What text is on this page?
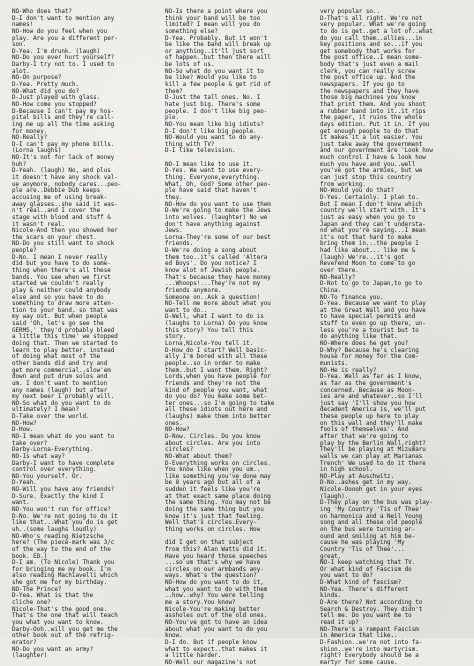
NO-Who does that?
D-I don't want to mention any
names!
NO-How do you feel when you
play. Are you a different per-
son.
D-Yea. I'm drunk. (laugh)
NO-Do you ever hurt yourself?
Darby-I try not to. I used to
alot.
NO-On purpose?
D-Yea. Pretty much.
NO-What did you do?
D-Just played with glass.
NO-How come you stopped?
D-Because I can't pay my hos-
pital bills and they're call-
ing me up all the time asking
for money.
NO-Really?
D-I can't pay my phone bills.
(Lorna laughs)
NO-It's not for lack of money
huh?
D-Yeah. (laugh) No, and plus
it doesn't have any shock val-
ue anymore, nobody cares...peo-
ple are..Debbie Dub keeps
accusing me of using break-
away glasses..she said it was-
n't real..and I cover the
stage with blood and stuff &
it wasn't real.
Nicole-And then you showed her
the scars on your chest.
NO-Do you still want to shock
people?
D-No. I mean I never really
did but you have to do some-
thing when there's all these
bands. You see when we first
started we couldn't really
play & neither could anybody
else and so you have to do
something to draw more atten-
tion to your band. so that was
my way out. But when people
said 'Oh, let's go see the
GERMS,' they'd probably bleed
a little this time' we stopped
doing that. Then we started to
learn to play better. instead
of doing what most of the
other bands did and try and
get more commercial..slow'em
down and put drum solos and
um. I don't want to mention
any names (laugh) but after
my next beer I probably will.
NO-So what do you want to do
ultimately? I mean?
D-Take over the world.
NO-How?
D-How.
NO-I mean what do you want to
take over?
Darby-Lorna-Everything.
NO-Is what way?
Darby-I want to have complete
control over everything.
NO-You yourself. Or.
D-Yeah.
NO-Will you have any friends?
D-Sure. Exactly the kind I
want.
NO-You won't run for office?
D-No. We're not going to do it
like that...What you do is get
uh..(some laughs loudly)
NO-Who's reading Nietzsche
here? (The piece-mark was 3/c
of the way to the end of the
book. ED.)
D-I am. (To Nicole) Thank you
for bringing me my book. I'm
also reading Machiavelli which
she got me for my birthday.
NO-The Prince?
D-Yea. What is that the
cliche one?
Nicole-That's the good one.
That's the one that will teach
you what you want to know.
Darby-Ooh..will you get me the
other book out of the refrig-
erator?
NO-Do you want an army?
(laughter)
NO-Is there a point where you
think your band will be too
limited? I mean will you do
something else?
D-Yea. Probably. But it won't
be like the band will break up
or anything..it'll just sort
of happen..but then there will
be lots of us.
NO-So what do you want it to
be like? Would you like to
kill a few people & get rid of
them?
D-Just the tall ones. No. I
hate just big. There's some
people. I don't like big peo-
ple.
NO-You mean like big idiots?
D-I don't like big people.
NO-Would you want to do any-
thing with TV?
D-I like television.
NO-I mean like to use it.
D-Yes. We want to use every-
thing. Everyone,everything.
What, Oh, God? Some other peo-
ple have said that haven't
they.
NO-How do you want to use them
D-We're going to make the Jews
into wolves. (laughter) No we
don't have anything against
Jews.
Lorna-They're some of our best
friends.
D-We're doing a song about
them too..it's called 'Altera
ed Boys'. Do you notice? I
know alot of Jewish people.
That's because they have money
...Whoops!...They're not my
friends anymore.
Someone on..Ask a question!
NO-Tell me more about what you
want to do..
D-Well, what I want to do is
(laughs to Lorna) Do you know
this story? You tell this
story.
Lorna,Nicole-You tell it.
D-How do I start? Well basic-
ally I'm bored with all these
people..so in order to make
them..but I want them. Right?
Lords,when you have people for
friends and they're not the
kind of people you want, what
do you do? You make some bet-
ter ones...so I'm going to take
all these idiots out here and
(laughs) make them into better
ones.
NO-How?
D-Now. Circles. Do you know
about circles. Are you into
circles?
NO-What about them?
D-Everything works on circles.
You know like when you um..
like something you've done may
be 8 years ago but all of a
sudden it feels like you're
at that exact same place doing
the same thing. You may not be
doing the same thing but you
know it's just that feeling.
Well that's circles.Every-
thing works on circles. How
did I get on that subject
from this? Alan Watts did it.
Have you heard those speeches
...so um that's why we have
circles on our armbands any-
ways. What's the question?
NO-How do you want to do it,
what you want to do with them
..how..why? You were telling
me a story.You know?
Nicole-You're making better
assholes out of the old ones.
NO-You've got to have an idea
about what you want to do you
know.
D-I do. But if people know
what to expect..that makes it
a little harder.
NO-Well our magazine's not
very popular so..
D-That's all right. We're not
very popular. What we're going
to do is get..get a lot of..what
do you call them..allies...in
key positions and so...if you
get somebody that works for
the post office..I mean some-
body that's just even a mail
clerk, you can really screw
the post office up. And the
newspapers. If you go to
the newspapers and they have
those big machines you know
that print them. And you shoot
a rubber band into it..it rips
the paper, it ruins the whole
days edition. Put it in. If you
get enough people to do that
it makes it a lot easier. You
just take away the government
and our government are 'Look how
much control I have & look how
much you have and you..well
you've got the armies, but we
can just stop this country
from working.
NO-Would you do that?
D-Yes. Certainly. I plan to.
But I mean I don't know which
country we'll start with. It's
just as easy when you go to
Japan and they can't understa-
nd what you're saying...I mean
it's not that hard to make
bring them in...the people I
had like about... like me &
(laugh) We're...it's got
Reverend Moon to come to go
over there.
NO-Really?
D-Not to go to Japan,to go to
China.
NO-To finance you.
D-Yea. Because we want to play
at the Great Wall and you have
to have special permits and
stuff to even go up there, un-
less you're a tourist but to
do anything like that.
NO-Where does he get you?
D-Why? Because he's clearing
house for money for the Com-
munists.
NO-He is really?
D-Yea. Well as far as I know,
as far as the government's
concerned. Because as Moon-
ies are and whatever..so I'll
just say 'I'll show you how
decadent America is, we'll put
these people up here to play
on this wall and they'll make
fools of themselves'. And
after that we're going to
play by the Berlin Wall,right?
They'll be playing at Mizumaru
walls we can play at Marianas
Trench' We used to do it there
in high school.
NO-Play at Auschwitz.
D-No..ashes get in my way.
Nicole-Ooooh get in your eyes
(laugh).
D-They play on the bus was play-
ing 'My Country 'Tis of Thee'
on harmonica and a Neil Young
song and all these old people
on the bus were turning ar-
ound and smiling at him be-
cause he was playing 'My
Country 'Tis of Thee'...
great.
NO-I keep watching that TV.
Or what kind of Fascism do
you want to do?
D-What kind of fascism?
NO-Yea. There's different
kinds.
D-Are there? Not according to
Search & Destroy. They didn't
tell me. Do you want me to
read it up?
NO-There's a rampant Fascism
in America that like..
D-Fashion..we're not into fa-
shion..we're into martyrism.
right? Everybody should be a
martyr for some cause.
